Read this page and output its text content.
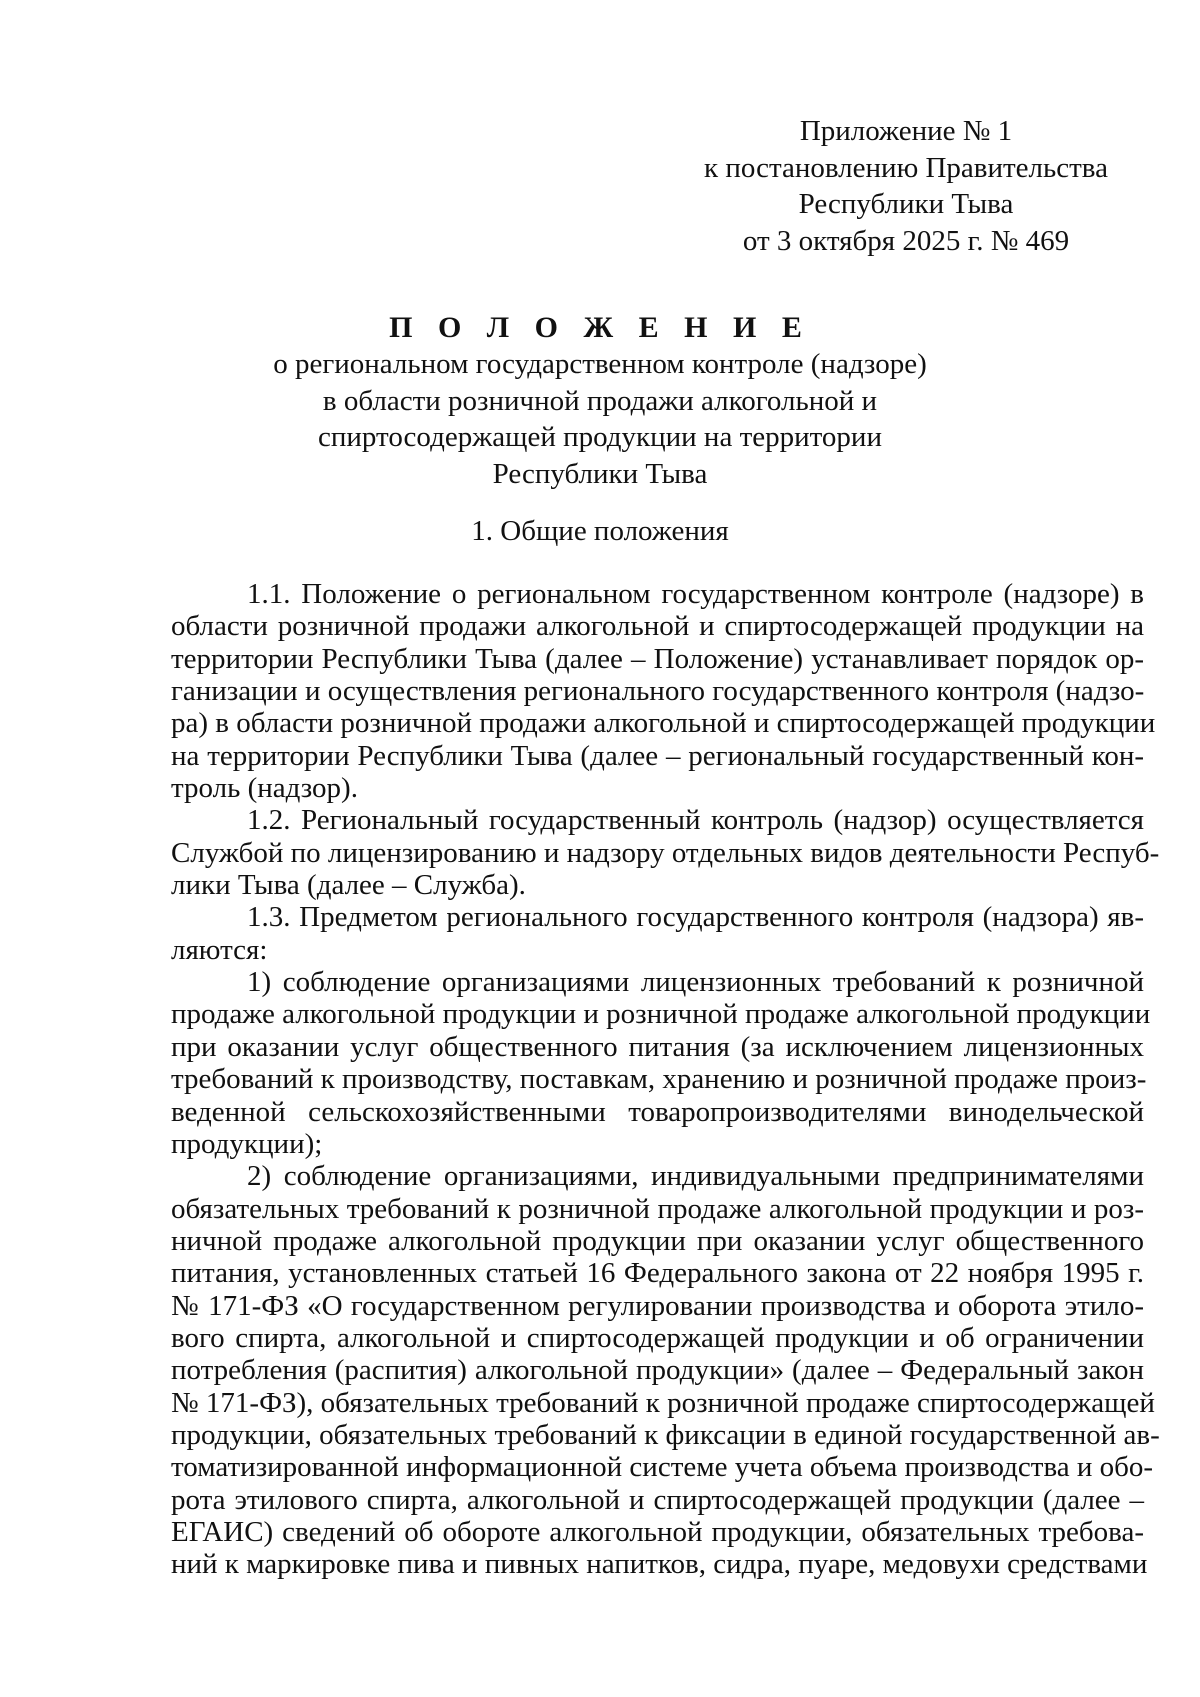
Приложение № 1
к постановлению Правительства
Республики Тыва
от 3 октября 2025 г. № 469
П О Л О Ж Е Н И Е
о региональном государственном контроле (надзоре)
в области розничной продажи алкогольной и
спиртосодержащей продукции на территории
Республики Тыва
1. Общие положения
1.1. Положение о региональном государственном контроле (надзоре) в
области розничной продажи алкогольной и спиртосодержащей продукции на
территории Республики Тыва (далее – Положение) устанавливает порядок ор-
ганизации и осуществления регионального государственного контроля (надзо-
ра) в области розничной продажи алкогольной и спиртосодержащей продукции
на территории Республики Тыва (далее – региональный государственный кон-
троль (надзор).
1.2. Региональный государственный контроль (надзор) осуществляется
Службой по лицензированию и надзору отдельных видов деятельности Респуб-
лики Тыва (далее – Служба).
1.3. Предметом регионального государственного контроля (надзора) яв-
ляются:
1) соблюдение организациями лицензионных требований к розничной
продаже алкогольной продукции и розничной продаже алкогольной продукции
при оказании услуг общественного питания (за исключением лицензионных
требований к производству, поставкам, хранению и розничной продаже произ-
веденной сельскохозяйственными товаропроизводителями винодельческой
продукции);
2) соблюдение организациями, индивидуальными предпринимателями
обязательных требований к розничной продаже алкогольной продукции и роз-
ничной продаже алкогольной продукции при оказании услуг общественного
питания, установленных статьей 16 Федерального закона от 22 ноября 1995 г.
№ 171-ФЗ «О государственном регулировании производства и оборота этило-
вого спирта, алкогольной и спиртосодержащей продукции и об ограничении
потребления (распития) алкогольной продукции» (далее – Федеральный закон
№ 171-ФЗ), обязательных требований к розничной продаже спиртосодержащей
продукции, обязательных требований к фиксации в единой государственной ав-
томатизированной информационной системе учета объема производства и обо-
рота этилового спирта, алкогольной и спиртосодержащей продукции (далее –
ЕГАИС) сведений об обороте алкогольной продукции, обязательных требова-
ний к маркировке пива и пивных напитков, сидра, пуаре, медовухи средствами
